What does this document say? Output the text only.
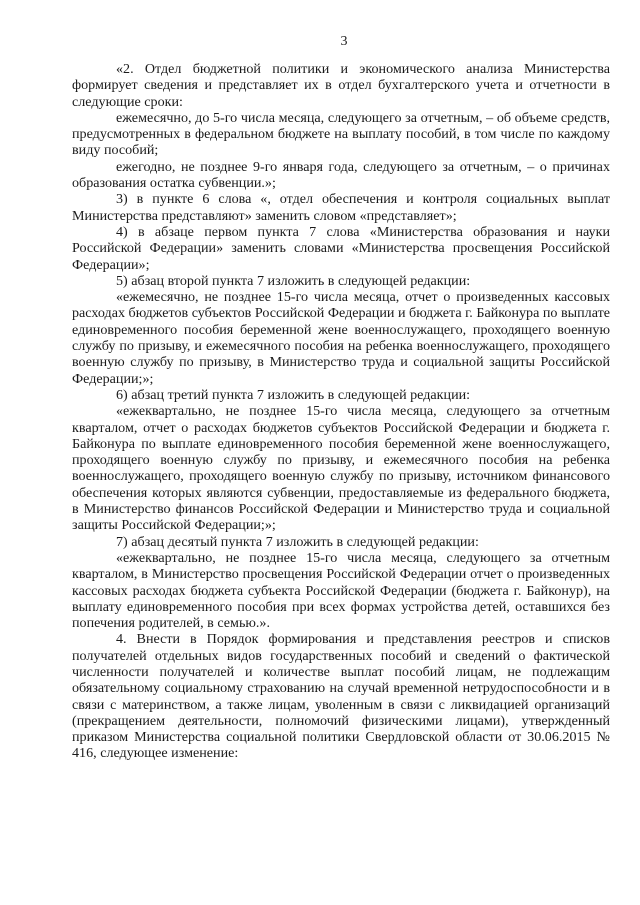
3

«2. Отдел бюджетной политики и экономического анализа Министерства формирует сведения и представляет их в отдел бухгалтерского учета и отчетности в следующие сроки:

ежемесячно, до 5-го числа месяца, следующего за отчетным, – об объеме средств, предусмотренных в федеральном бюджете на выплату пособий, в том числе по каждому виду пособий;

ежегодно, не позднее 9-го января года, следующего за отчетным, – о причинах образования остатка субвенции.»;

3) в пункте 6 слова «, отдел обеспечения и контроля социальных выплат Министерства представляют» заменить словом «представляет»;

4) в абзаце первом пункта 7 слова «Министерства образования и науки Российской Федерации» заменить словами «Министерства просвещения Российской Федерации»;

5) абзац второй пункта 7 изложить в следующей редакции:

«ежемесячно, не позднее 15-го числа месяца, отчет о произведенных кассовых расходах бюджетов субъектов Российской Федерации и бюджета г. Байконура по выплате единовременного пособия беременной жене военнослужащего, проходящего военную службу по призыву, и ежемесячного пособия на ребенка военнослужащего, проходящего военную службу по призыву, в Министерство труда и социальной защиты Российской Федерации;»;

6) абзац третий пункта 7 изложить в следующей редакции:

«ежеквартально, не позднее 15-го числа месяца, следующего за отчетным кварталом, отчет о расходах бюджетов субъектов Российской Федерации и бюджета г. Байконура по выплате единовременного пособия беременной жене военнослужащего, проходящего военную службу по призыву, и ежемесячного пособия на ребенка военнослужащего, проходящего военную службу по призыву, источником финансового обеспечения которых являются субвенции, предоставляемые из федерального бюджета, в Министерство финансов Российской Федерации и Министерство труда и социальной защиты Российской Федерации;»;

7) абзац десятый пункта 7 изложить в следующей редакции:

«ежеквартально, не позднее 15-го числа месяца, следующего за отчетным кварталом, в Министерство просвещения Российской Федерации отчет о произведенных кассовых расходах бюджета субъекта Российской Федерации (бюджета г. Байконур), на выплату единовременного пособия при всех формах устройства детей, оставшихся без попечения родителей, в семью.».

4. Внести в Порядок формирования и представления реестров и списков получателей отдельных видов государственных пособий и сведений о фактической численности получателей и количестве выплат пособий лицам, не подлежащим обязательному социальному страхованию на случай временной нетрудоспособности и в связи с материнством, а также лицам, уволенным в связи с ликвидацией организаций (прекращением деятельности, полномочий физическими лицами), утвержденный приказом Министерства социальной политики Свердловской области от 30.06.2015 № 416, следующее изменение:
